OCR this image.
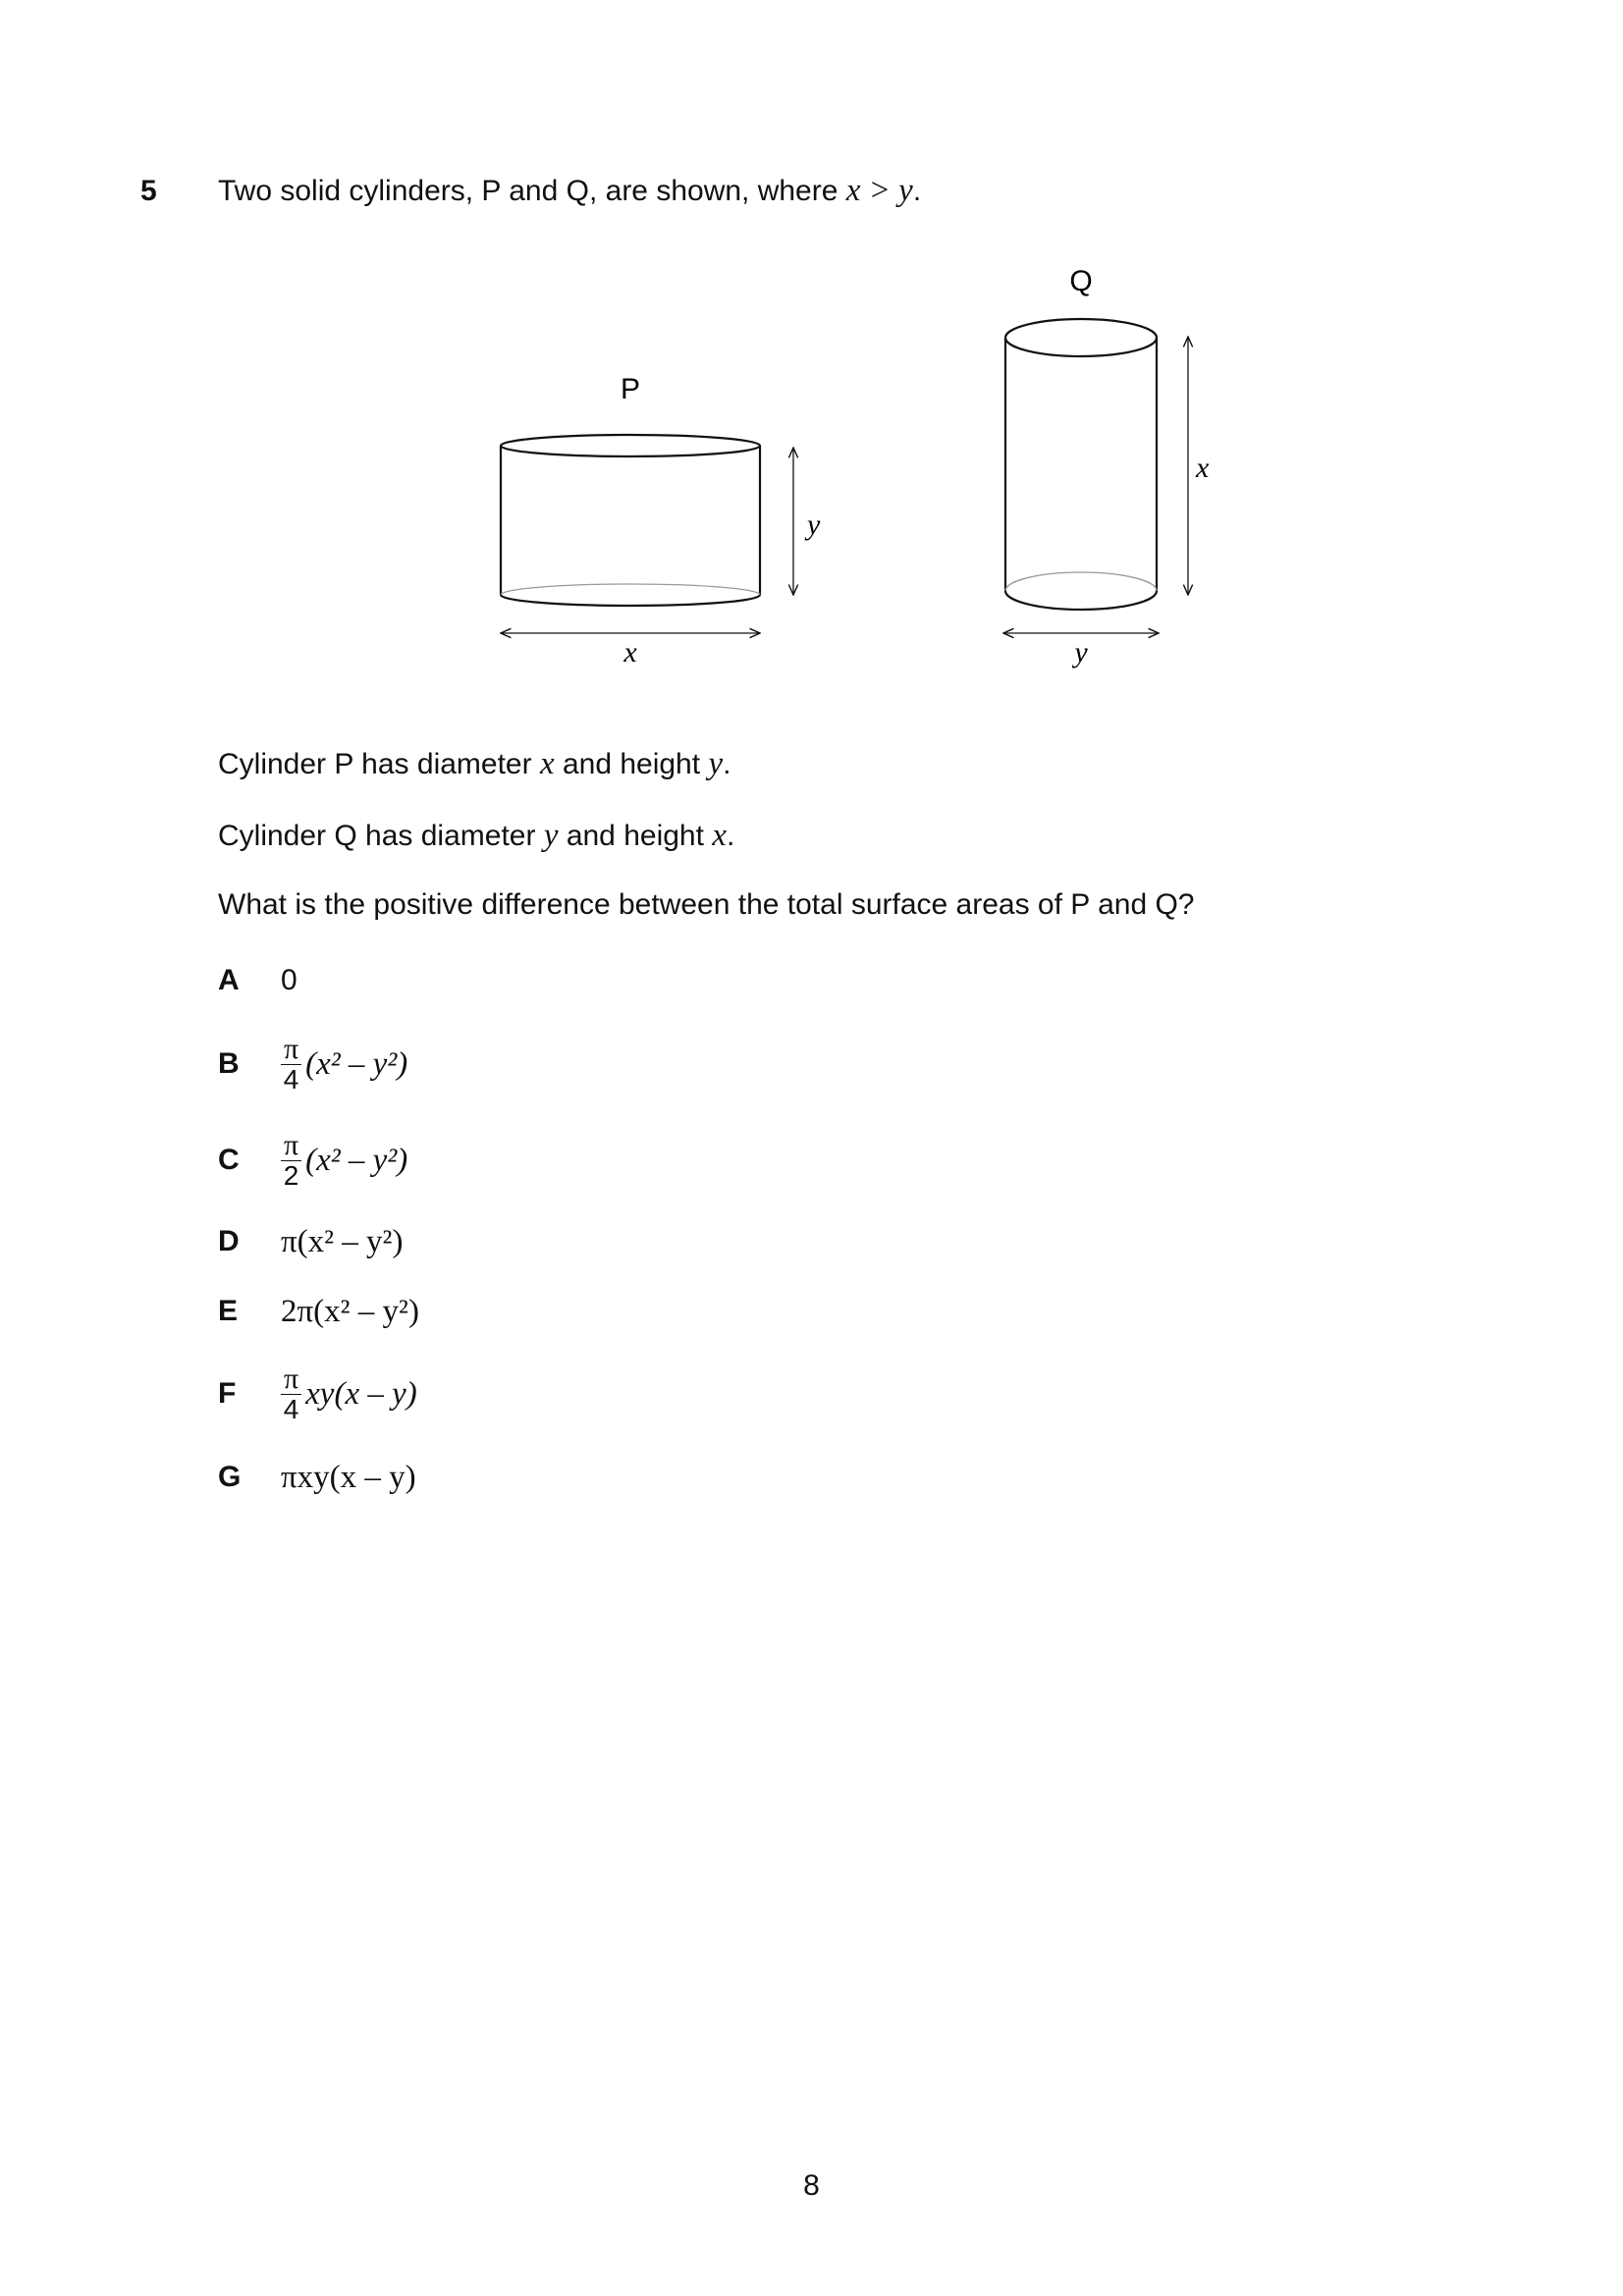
5 Two solid cylinders, P and Q, are shown, where x > y.
P
y
x
Q
x
y
Cylinder P has diameter x and height y.
Cylinder Q has diameter y and height x.
What is the positive difference between the total surface areas of P and Q?
A	0
B	$\frac{\pi}{4} (x^2 - y^2)$
C	$\frac{\pi}{2} (x^2 - y^2)$
D	π(x² – y²)
E	2π(x² – y²)
F	$\frac{\pi}{4} xy(x - y)$
G	πxy(x – y)
8
